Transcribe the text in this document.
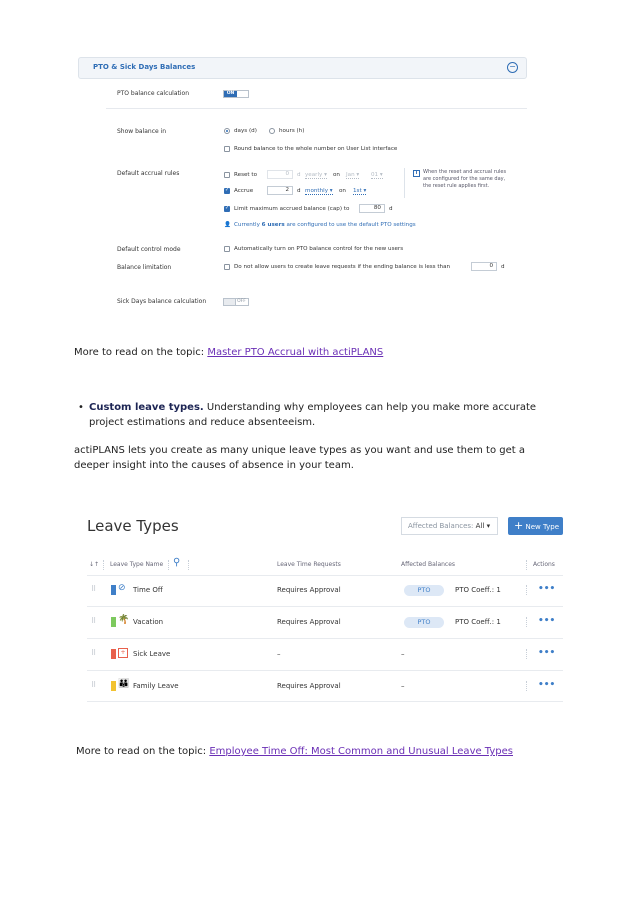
PTO & Sick Days Balances	−
PTO balance calculation	ON
Show balance in	days (d)	hours (h)
Round balance to the whole number on User List interface
Default accrual rules	Reset to	0	d yearly ▾ on Jan ▾ 01 ▾
✓
Accrue	2	d monthly ▾ on 1st ▾
i	When the reset and accrual rules
are configured for the same day,
the reset rule applies first.
✓
Limit maximum accrued balance (cap) to	80	d
👤 Currently 6 users are configured to use the default PTO settings
Default control mode	Automatically turn on PTO balance control for the new users
Balance limitation	Do not allow users to create leave requests if the ending balance is less than	0	d
Sick Days balance calculation	OFF
More to read on the topic: Master PTO Accrual with actiPLANS
• Custom leave types. Understanding why employees can help you make more accurate
project estimations and reduce absenteeism.
actiPLANS lets you create as many unique leave types as you want and use them to get a
deeper insight into the causes of absence in your team.
Leave Types	Affected Balances: All ▾	+ New Type
↓↑ Leave Type Name ⚲	Leave Time Requests	Affected Balances	Actions
⠿	⊘ Time Off	Requires Approval	PTO	PTO Coeff.: 1	•••
⠿	🌴 Vacation	Requires Approval	PTO	PTO Coeff.: 1	•••
⠿	+	Sick Leave	–	–	•••
⠿	👪 Family Leave	Requires Approval	–	•••
More to read on the topic: Employee Time Off: Most Common and Unusual Leave Types
